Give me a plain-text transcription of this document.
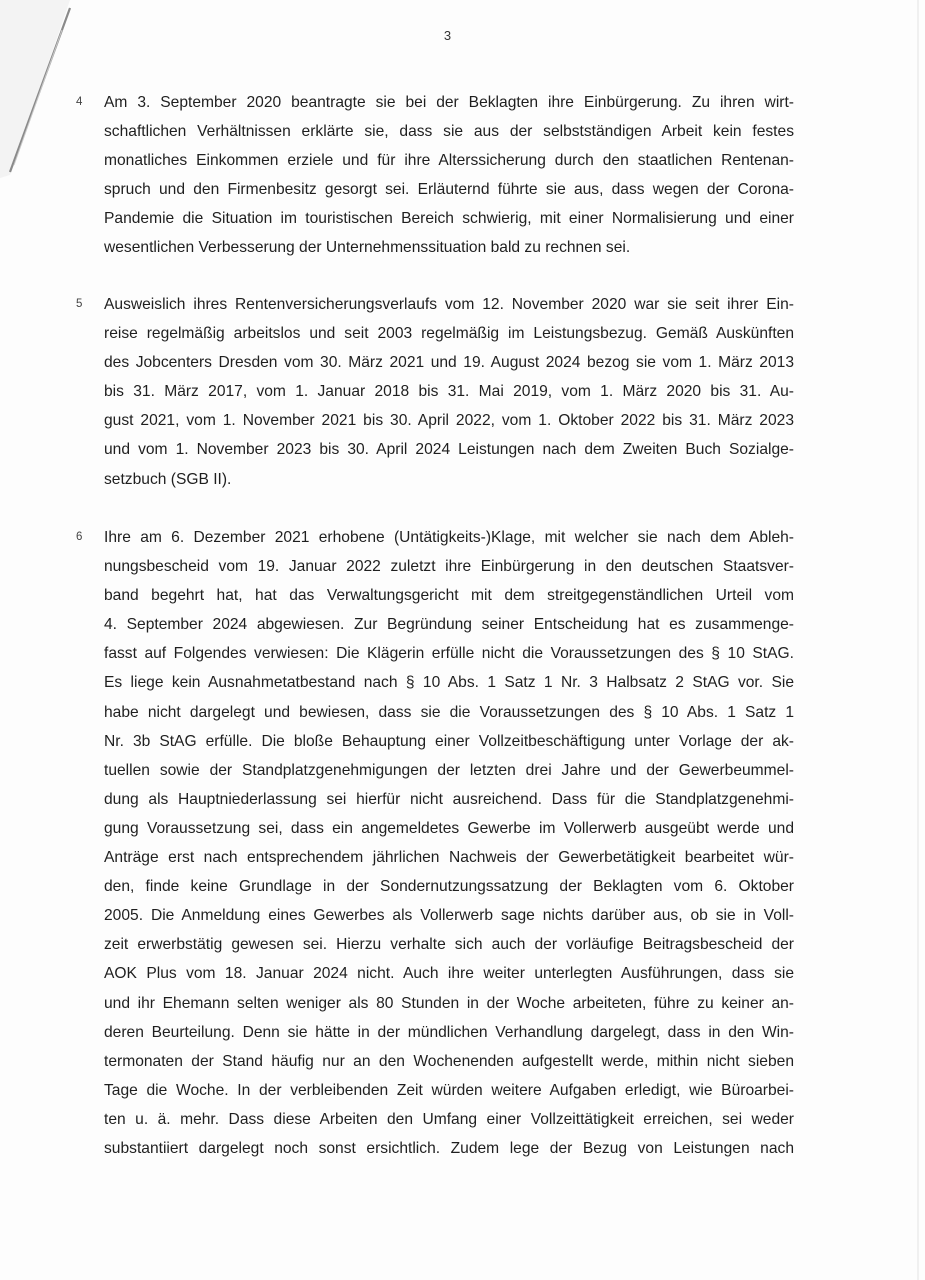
3
4 Am 3. September 2020 beantragte sie bei der Beklagten ihre Einbürgerung. Zu ihren wirt-
schaftlichen Verhältnissen erklärte sie, dass sie aus der selbstständigen Arbeit kein festes
monatliches Einkommen erziele und für ihre Alterssicherung durch den staatlichen Rentenan-
spruch und den Firmenbesitz gesorgt sei. Erläuternd führte sie aus, dass wegen der Corona-
Pandemie die Situation im touristischen Bereich schwierig, mit einer Normalisierung und einer
wesentlichen Verbesserung der Unternehmenssituation bald zu rechnen sei.
5 Ausweislich ihres Rentenversicherungsverlaufs vom 12. November 2020 war sie seit ihrer Ein-
reise regelmäßig arbeitslos und seit 2003 regelmäßig im Leistungsbezug. Gemäß Auskünften
des Jobcenters Dresden vom 30. März 2021 und 19. August 2024 bezog sie vom 1. März 2013
bis 31. März 2017, vom 1. Januar 2018 bis 31. Mai 2019, vom 1. März 2020 bis 31. Au-
gust 2021, vom 1. November 2021 bis 30. April 2022, vom 1. Oktober 2022 bis 31. März 2023
und vom 1. November 2023 bis 30. April 2024 Leistungen nach dem Zweiten Buch Sozialge-
setzbuch (SGB II).
6 Ihre am 6. Dezember 2021 erhobene (Untätigkeits-)Klage, mit welcher sie nach dem Ableh-
nungsbescheid vom 19. Januar 2022 zuletzt ihre Einbürgerung in den deutschen Staatsver-
band begehrt hat, hat das Verwaltungsgericht mit dem streitgegenständlichen Urteil vom
4. September 2024 abgewiesen. Zur Begründung seiner Entscheidung hat es zusammenge-
fasst auf Folgendes verwiesen: Die Klägerin erfülle nicht die Voraussetzungen des § 10 StAG.
Es liege kein Ausnahmetatbestand nach § 10 Abs. 1 Satz 1 Nr. 3 Halbsatz 2 StAG vor. Sie
habe nicht dargelegt und bewiesen, dass sie die Voraussetzungen des § 10 Abs. 1 Satz 1
Nr. 3b StAG erfülle. Die bloße Behauptung einer Vollzeitbeschäftigung unter Vorlage der ak-
tuellen sowie der Standplatzgenehmigungen der letzten drei Jahre und der Gewerbeummel-
dung als Hauptniederlassung sei hierfür nicht ausreichend. Dass für die Standplatzgenehmi-
gung Voraussetzung sei, dass ein angemeldetes Gewerbe im Vollerwerb ausgeübt werde und
Anträge erst nach entsprechendem jährlichen Nachweis der Gewerbetätigkeit bearbeitet wür-
den, finde keine Grundlage in der Sondernutzungssatzung der Beklagten vom 6. Oktober
2005. Die Anmeldung eines Gewerbes als Vollerwerb sage nichts darüber aus, ob sie in Voll-
zeit erwerbstätig gewesen sei. Hierzu verhalte sich auch der vorläufige Beitragsbescheid der
AOK Plus vom 18. Januar 2024 nicht. Auch ihre weiter unterlegten Ausführungen, dass sie
und ihr Ehemann selten weniger als 80 Stunden in der Woche arbeiteten, führe zu keiner an-
deren Beurteilung. Denn sie hätte in der mündlichen Verhandlung dargelegt, dass in den Win-
termonaten der Stand häufig nur an den Wochenenden aufgestellt werde, mithin nicht sieben
Tage die Woche. In der verbleibenden Zeit würden weitere Aufgaben erledigt, wie Büroarbei-
ten u. ä. mehr. Dass diese Arbeiten den Umfang einer Vollzeittätigkeit erreichen, sei weder
substantiiert dargelegt noch sonst ersichtlich. Zudem lege der Bezug von Leistungen nach
